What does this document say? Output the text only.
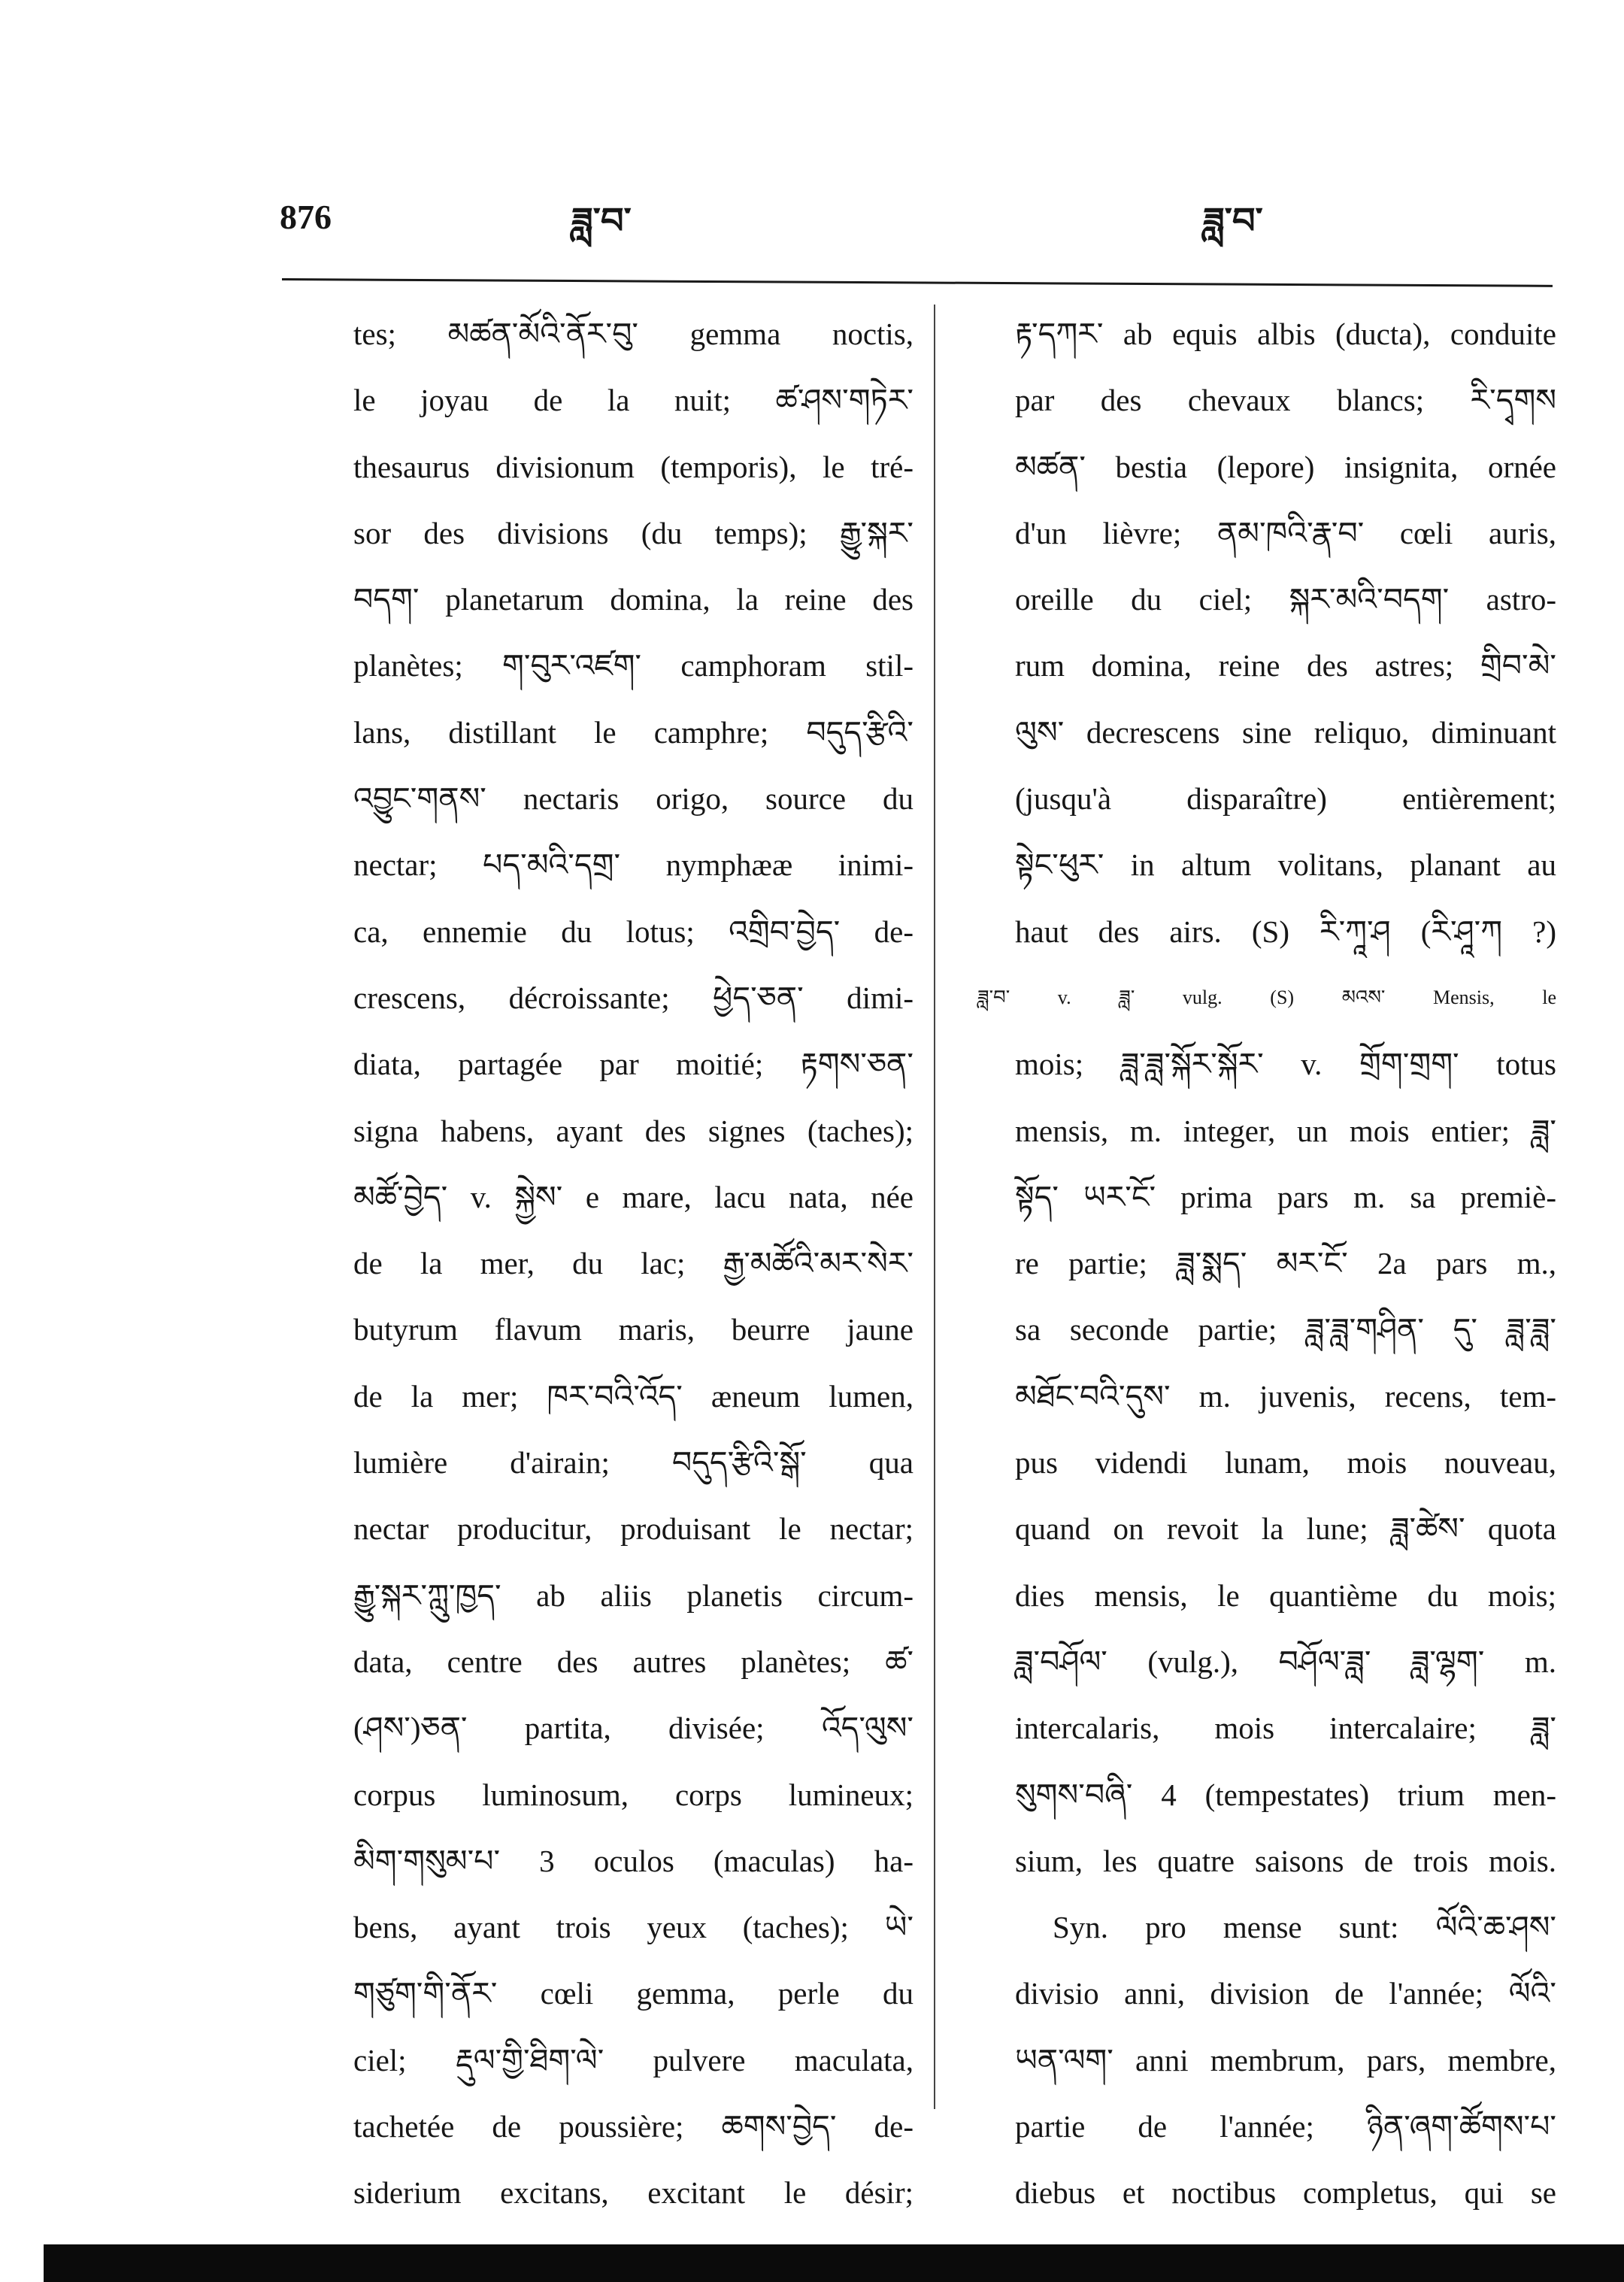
876	ཟླ་བ་	ཟླ་བ་
tes; མཚན་མོའི་ནོར་བུ་ gemma noctis,
le joyau de la nuit; ཚ་ཤས་གཏེར་
thesaurus divisionum (temporis), le tré-
sor des divisions (du temps); རྒྱུ་སྐར་
བདག་ planetarum domina, la reine des
planètes; ག་བུར་འཛག་ camphoram stil-
lans, distillant le camphre; བདུད་རྩིའི་
འབྱུང་གནས་ nectaris origo, source du
nectar; པད་མའི་དགྲ་ nymphææ inimi-
ca, ennemie du lotus; འགྲིབ་བྱེད་ de-
crescens, décroissante; ཕྱེད་ཅན་ dimi-
diata, partagée par moitié; རྟགས་ཅན་
signa habens, ayant des signes (taches);
མཚོ་བྱེད་ v. སྐྱེས་ e mare, lacu nata, née
de la mer, du lac; རྒྱ་མཚོའི་མར་སེར་
butyrum flavum maris, beurre jaune
de la mer; ཁར་བའི་འོད་ æneum lumen,
lumière d'airain; བདུད་རྩིའི་སྒོ་ qua
nectar producitur, produisant le nectar;
རྒྱུ་སྐར་ཀླུ་ཁྱད་ ab aliis planetis circum-
data, centre des autres planètes; ཚ་
(ཤས་)ཅན་ partita, divisée; འོད་ལུས་
corpus luminosum, corps lumineux;
མིག་གསུམ་པ་ 3 oculos (maculas) ha-
bens, ayant trois yeux (taches); ཡེ་
གཙུག་གི་ནོར་ cœli gemma, perle du
ciel; རྡུལ་གྱི་ཐིག་ལེ་ pulvere maculata,
tachetée de poussière; ཆགས་བྱེད་ de-
siderium excitans, excitant le désir;
རྟ་དཀར་ ab equis albis (ducta), conduite
par des chevaux blancs; རི་དྭགས
མཚན་ bestia (lepore) insignita, ornée
d'un lièvre; ནམ་ཁའི་རྣ་བ་ cœli auris,
oreille du ciel; སྐར་མའི་བདག་ astro-
rum domina, reine des astres; གྲིབ་མེ་
ལུས་ decrescens sine reliquo, diminuant
(jusqu'à disparaître) entièrement;
སྟེང་ཕུར་ in altum volitans, planant au
haut des airs. (S) རི་ཀཱ་ཤ (རི་ཤཱ་ཀ ?)
ཟླ་བ་ v. ཟླ་ vulg. (S) མའས་ Mensis, le
mois; ཟླ་ཟླ་སྐོར་སྐོར་ v. གྲོག་གྲག་ totus
mensis, m. integer, un mois entier; ཟླ་
སྟོད་ ཡར་ངོ་ prima pars m. sa premiè-
re partie; ཟླ་སྨད་ མར་ངོ་ 2a pars m.,
sa seconde partie; ཟླ་ཟླ་གཤིན་ དུ་ ཟླ་ཟླ་
མཐོང་བའི་དུས་ m. juvenis, recens, tem-
pus videndi lunam, mois nouveau,
quand on revoit la lune; ཟླ་ཚེས་ quota
dies mensis, le quantième du mois;
ཟླ་བཤོལ་ (vulg.), བཤོལ་ཟླ་ ཟླ་ལྷག་ m.
intercalaris, mois intercalaire; ཟླ་
སུགས་བཞི་ 4 (tempestates) trium men-
sium, les quatre saisons de trois mois.
Syn. pro mense sunt: ལོའི་ཆ་ཤས་
divisio anni, division de l'année; ལོའི་
ཡན་ལག་ anni membrum, pars, membre,
partie de l'année; ཉིན་ཞག་ཚོགས་པ་
diebus et noctibus completus, qui se
